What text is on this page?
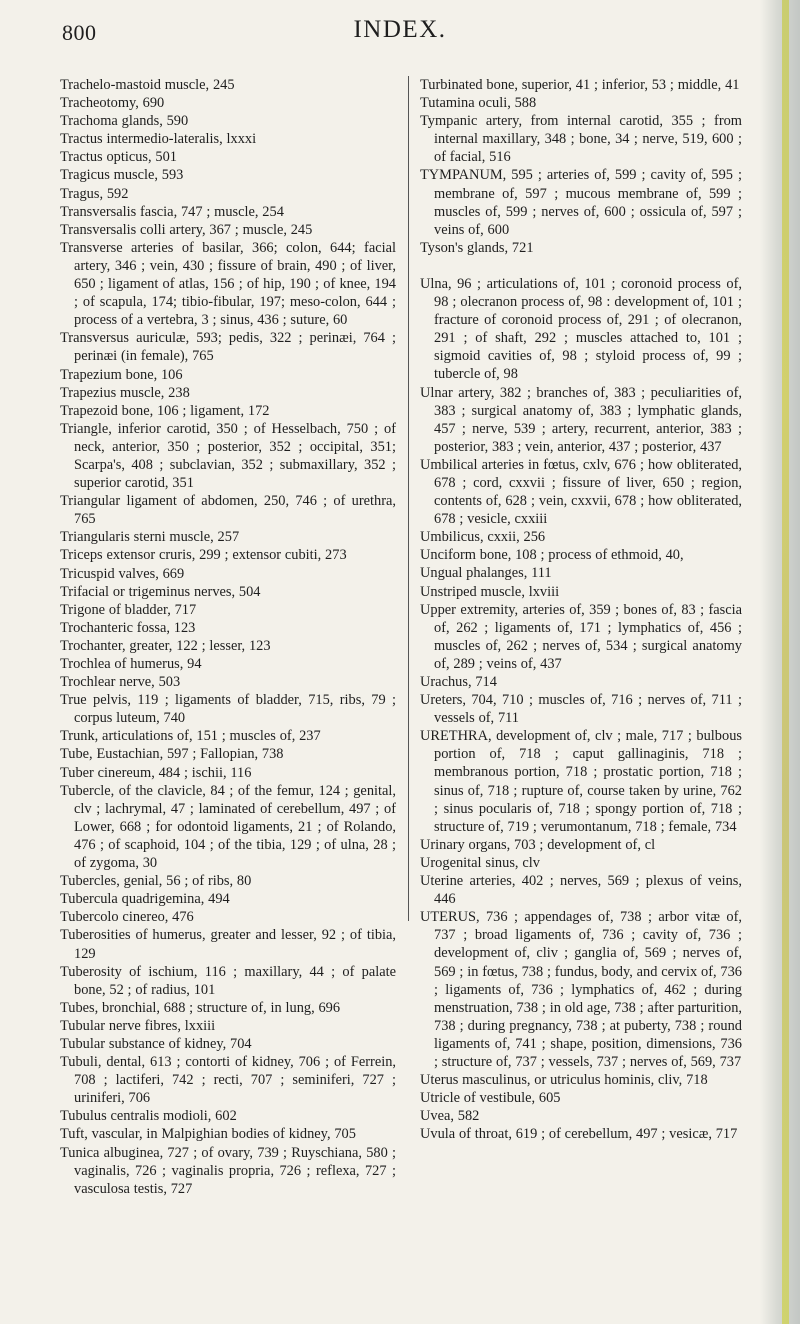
800	INDEX.

Trachelo-mastoid muscle, 245

Tracheotomy, 690

Trachoma glands, 590

Tractus intermedio-lateralis, lxxxi

Tractus opticus, 501

Tragicus muscle, 593

Tragus, 592

Transversalis fascia, 747 ; muscle, 254

Transversalis colli artery, 367 ; muscle, 245

Transverse arteries of basilar, 366; colon, 644; facial artery, 346 ; vein, 430 ; fissure of brain, 490 ; of liver, 650 ; ligament of atlas, 156 ; of hip, 190 ; of knee, 194 ; of scapula, 174; tibio-fibular, 197; meso-colon, 644 ; process of a vertebra, 3 ; sinus, 436 ; suture, 60

Transversus auriculæ, 593; pedis, 322 ; perinæi, 764 ; perinæi (in female), 765

Trapezium bone, 106

Trapezius muscle, 238

Trapezoid bone, 106 ; ligament, 172

Triangle, inferior carotid, 350 ; of Hesselbach, 750 ; of neck, anterior, 350 ; posterior, 352 ; occipital, 351; Scarpa's, 408 ; subclavian, 352 ; submaxillary, 352 ; superior carotid, 351

Triangular ligament of abdomen, 250, 746 ; of urethra, 765

Triangularis sterni muscle, 257

Triceps extensor cruris, 299 ; extensor cubiti, 273

Tricuspid valves, 669

Trifacial or trigeminus nerves, 504

Trigone of bladder, 717

Trochanteric fossa, 123

Trochanter, greater, 122 ; lesser, 123

Trochlea of humerus, 94

Trochlear nerve, 503

True pelvis, 119 ; ligaments of bladder, 715, ribs, 79 ; corpus luteum, 740

Trunk, articulations of, 151 ; muscles of, 237

Tube, Eustachian, 597 ; Fallopian, 738

Tuber cinereum, 484 ; ischii, 116

Tubercle, of the clavicle, 84 ; of the femur, 124 ; genital, clv ; lachrymal, 47 ; laminated of cerebellum, 497 ; of Lower, 668 ; for odontoid ligaments, 21 ; of Rolando, 476 ; of scaphoid, 104 ; of the tibia, 129 ; of ulna, 28 ; of zygoma, 30

Tubercles, genial, 56 ; of ribs, 80

Tubercula quadrigemina, 494

Tubercolo cinereo, 476

Tuberosities of humerus, greater and lesser, 92 ; of tibia, 129

Tuberosity of ischium, 116 ; maxillary, 44 ; of palate bone, 52 ; of radius, 101

Tubes, bronchial, 688 ; structure of, in lung, 696

Tubular nerve fibres, lxxiii

Tubular substance of kidney, 704

Tubuli, dental, 613 ; contorti of kidney, 706 ; of Ferrein, 708 ; lactiferi, 742 ; recti, 707 ; seminiferi, 727 ; uriniferi, 706

Tubulus centralis modioli, 602

Tuft, vascular, in Malpighian bodies of kidney, 705

Tunica albuginea, 727 ; of ovary, 739 ; Ruyschiana, 580 ; vaginalis, 726 ; vaginalis propria, 726 ; reflexa, 727 ; vasculosa testis, 727

Turbinated bone, superior, 41 ; inferior, 53 ; middle, 41

Tutamina oculi, 588

Tympanic artery, from internal carotid, 355 ; from internal maxillary, 348 ; bone, 34 ; nerve, 519, 600 ; of facial, 516

TYMPANUM, 595 ; arteries of, 599 ; cavity of, 595 ; membrane of, 597 ; mucous membrane of, 599 ; muscles of, 599 ; nerves of, 600 ; ossicula of, 597 ; veins of, 600

Tyson's glands, 721

Ulna, 96 ; articulations of, 101 ; coronoid process of, 98 ; olecranon process of, 98 : development of, 101 ; fracture of coronoid process of, 291 ; of olecranon, 291 ; of shaft, 292 ; muscles attached to, 101 ; sigmoid cavities of, 98 ; styloid process of, 99 ; tubercle of, 98

Ulnar artery, 382 ; branches of, 383 ; peculiarities of, 383 ; surgical anatomy of, 383 ; lymphatic glands, 457 ; nerve, 539 ; artery, recurrent, anterior, 383 ; posterior, 383 ; vein, anterior, 437 ; posterior, 437

Umbilical arteries in fœtus, cxlv, 676 ; how obliterated, 678 ; cord, cxxvii ; fissure of liver, 650 ; region, contents of, 628 ; vein, cxxvii, 678 ; how obliterated, 678 ; vesicle, cxxiii

Umbilicus, cxxii, 256

Unciform bone, 108 ; process of ethmoid, 40,

Ungual phalanges, 111

Unstriped muscle, lxviii

Upper extremity, arteries of, 359 ; bones of, 83 ; fascia of, 262 ; ligaments of, 171 ; lymphatics of, 456 ; muscles of, 262 ; nerves of, 534 ; surgical anatomy of, 289 ; veins of, 437

Urachus, 714

Ureters, 704, 710 ; muscles of, 716 ; nerves of, 711 ; vessels of, 711

URETHRA, development of, clv ; male, 717 ; bulbous portion of, 718 ; caput gallinaginis, 718 ; membranous portion, 718 ; prostatic portion, 718 ; sinus of, 718 ; rupture of, course taken by urine, 762 ; sinus pocularis of, 718 ; spongy portion of, 718 ; structure of, 719 ; verumontanum, 718 ; female, 734

Urinary organs, 703 ; development of, cl

Urogenital sinus, clv

Uterine arteries, 402 ; nerves, 569 ; plexus of veins, 446

UTERUS, 736 ; appendages of, 738 ; arbor vitæ of, 737 ; broad ligaments of, 736 ; cavity of, 736 ; development of, cliv ; ganglia of, 569 ; nerves of, 569 ; in fœtus, 738 ; fundus, body, and cervix of, 736 ; ligaments of, 736 ; lymphatics of, 462 ; during menstruation, 738 ; in old age, 738 ; after parturition, 738 ; during pregnancy, 738 ; at puberty, 738 ; round ligaments of, 741 ; shape, position, dimensions, 736 ; structure of, 737 ; vessels, 737 ; nerves of, 569, 737

Uterus masculinus, or utriculus hominis, cliv, 718

Utricle of vestibule, 605

Uvea, 582

Uvula of throat, 619 ; of cerebellum, 497 ; vesicæ, 717
